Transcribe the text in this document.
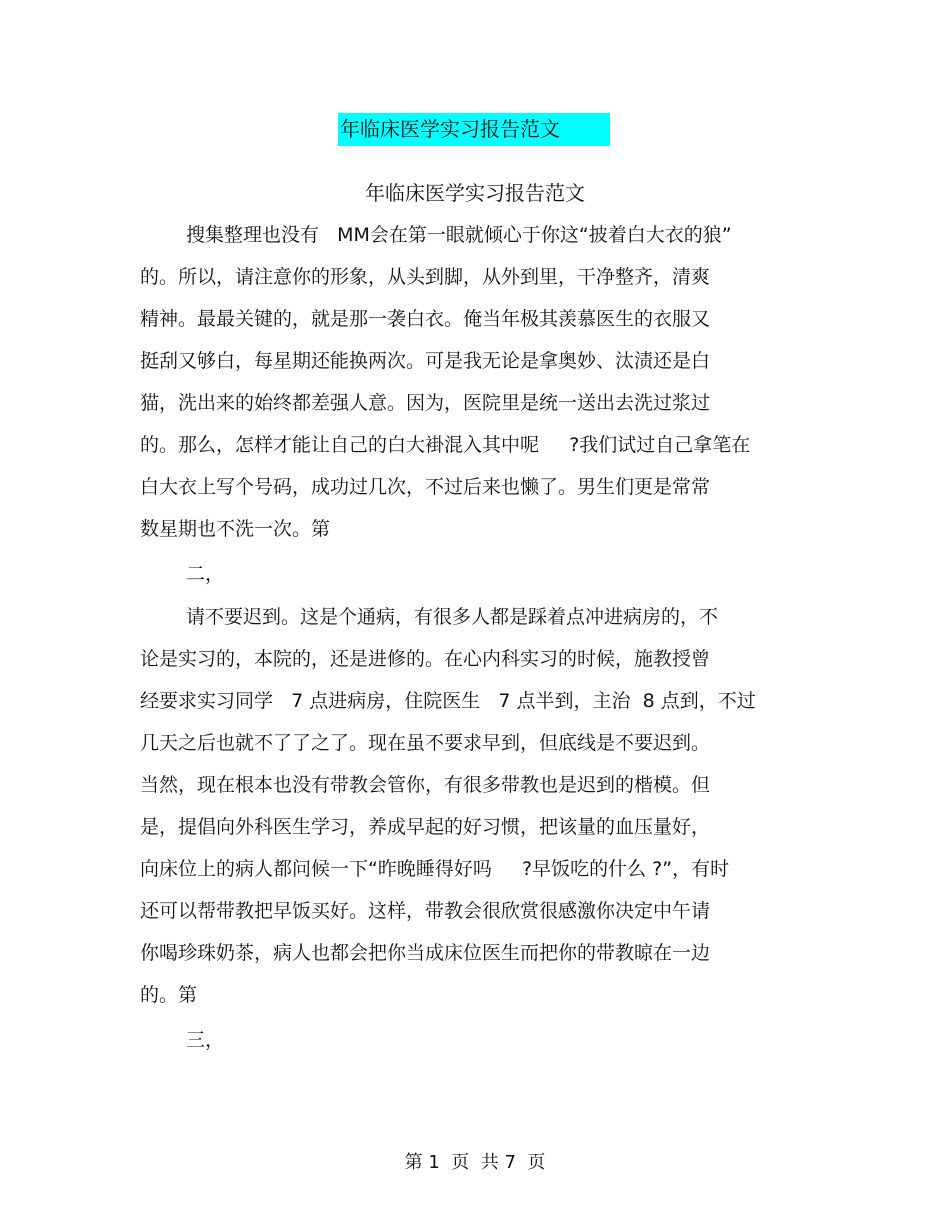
年临床医学实习报告范文
年临床医学实习报告范文
搜集整理也没有   MM会在第一眼就倾心于你这“披着白大衣的狼”
的。所以，请注意你的形象，从头到脚，从外到里，干净整齐，清爽
精神。最最关键的，就是那一袭白衣。俺当年极其羡慕医生的衣服又
挺刮又够白，每星期还能换两次。可是我无论是拿奥妙、汰渍还是白
猫，洗出来的始终都差强人意。因为，医院里是统一送出去洗过浆过
的。那么，怎样才能让自己的白大褂混入其中呢     ?我们试过自己拿笔在
白大衣上写个号码，成功过几次，不过后来也懒了。男生们更是常常
数星期也不洗一次。第
二，
请不要迟到。这是个通病，有很多人都是踩着点冲进病房的，不
论是实习的，本院的，还是进修的。在心内科实习的时候，施教授曾
经要求实习同学   7 点进病房，住院医生   7 点半到，主治  8 点到，不过
几天之后也就不了了之了。现在虽不要求早到，但底线是不要迟到。
当然，现在根本也没有带教会管你，有很多带教也是迟到的楷模。但
是，提倡向外科医生学习，养成早起的好习惯，把该量的血压量好，
向床位上的病人都问候一下“昨晚睡得好吗     ?早饭吃的什么 ?”，有时
还可以帮带教把早饭买好。这样，带教会很欣赏很感激你决定中午请
你喝珍珠奶茶，病人也都会把你当成床位医生而把你的带教晾在一边
的。第
三，
第 1  页  共 7  页
